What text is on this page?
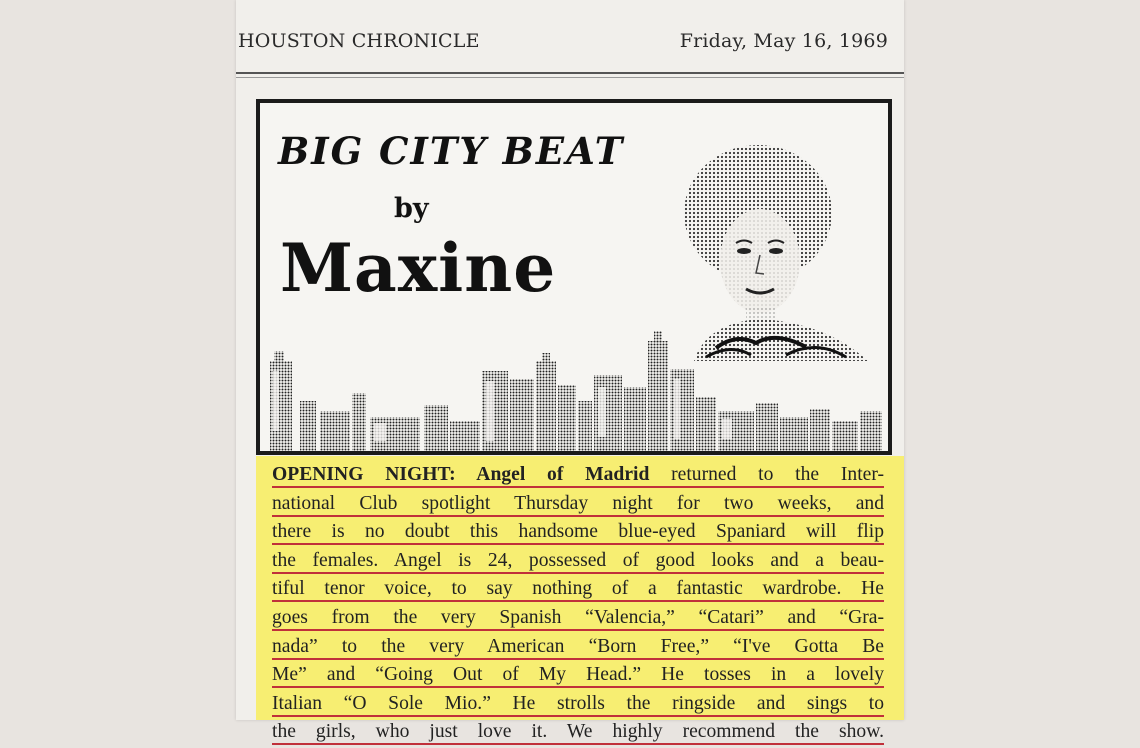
HOUSTON CHRONICLE	Friday, May 16, 1969
BIG CITY BEAT
by
Maxine
OPENING NIGHT: Angel of Madrid returned to the Inter-
national Club spotlight Thursday night for two weeks, and
there is no doubt this handsome blue-eyed Spaniard will flip
the females. Angel is 24, possessed of good looks and a beau-
tiful tenor voice, to say nothing of a fantastic wardrobe. He
goes from the very Spanish “Valencia,” “Catari” and “Gra-
nada” to the very American “Born Free,” “I've Gotta Be
Me” and “Going Out of My Head.” He tosses in a lovely
Italian “O Sole Mio.” He strolls the ringside and sings to
the girls, who just love it. We highly recommend the show.
